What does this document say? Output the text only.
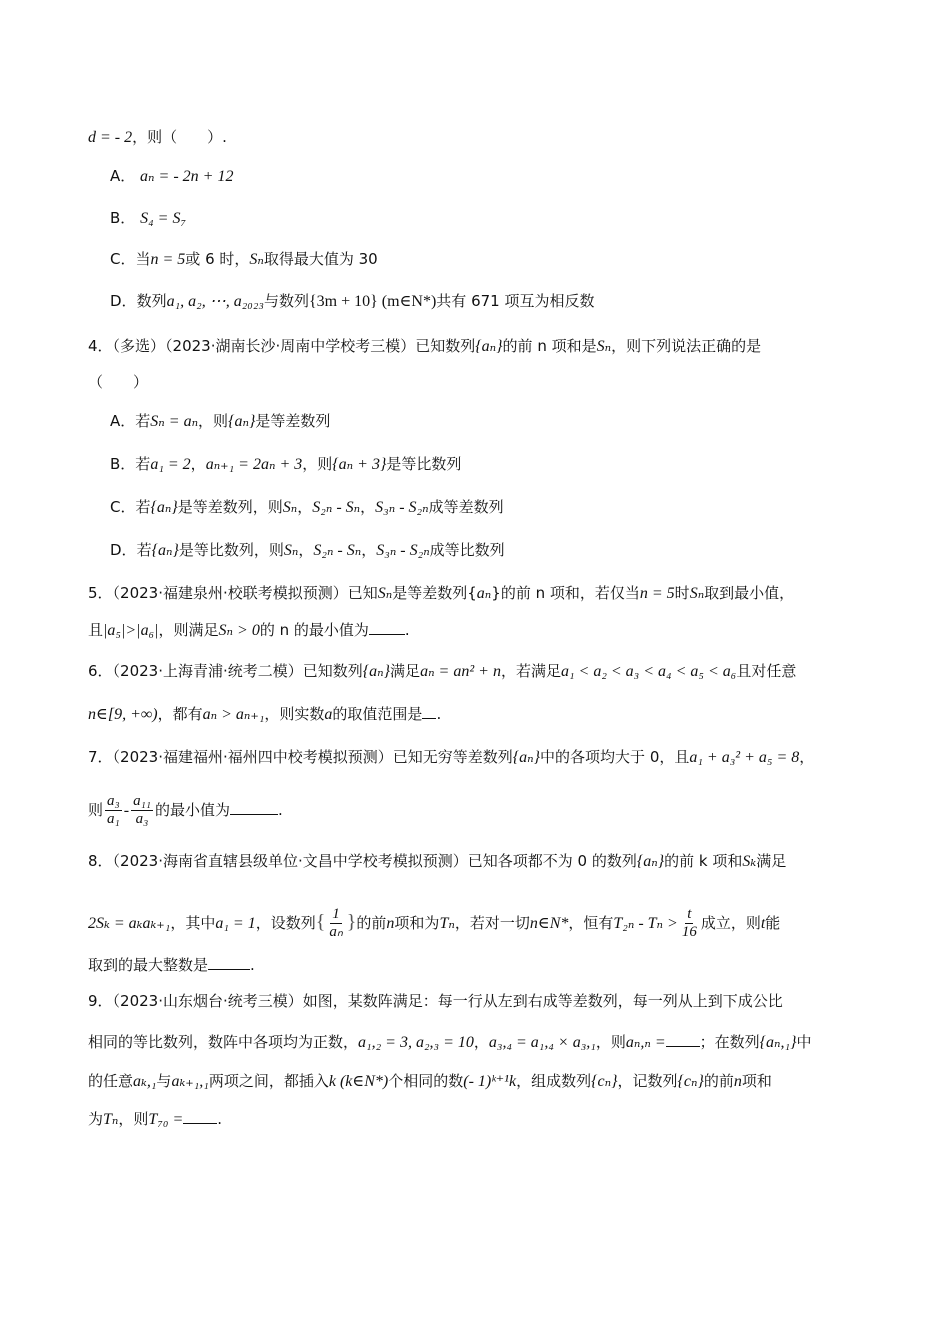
d = - 2，则（　　）.
A． aₙ = - 2n + 12
B． S₄ = S₇
C．当n = 5或 6 时，Sₙ取得最大值为 30
D．数列a₁, a₂, ⋯, a₂₀₂₃与数列{3m + 10} (m∈N*)共有 671 项互为相反数
4．（多选）（2023·湖南长沙·周南中学校考三模）已知数列{aₙ}的前 n 项和是Sₙ，则下列说法正确的是
（　　）
A．若Sₙ = aₙ，则{aₙ}是等差数列
B．若a₁ = 2，aₙ₊₁ = 2aₙ + 3，则{aₙ + 3}是等比数列
C．若{aₙ}是等差数列，则Sₙ，S₂ₙ - Sₙ，S₃ₙ - S₂ₙ成等差数列
D．若{aₙ}是等比数列，则Sₙ，S₂ₙ - Sₙ，S₃ₙ - S₂ₙ成等比数列
5．（2023·福建泉州·校联考模拟预测）已知Sₙ是等差数列{aₙ}的前 n 项和，若仅当n = 5时Sₙ取到最小值，
且|a₅|>|a₆|，则满足Sₙ > 0的 n 的最小值为 .
6．（2023·上海青浦·统考二模）已知数列{aₙ}满足aₙ = an² + n，若满足a₁ < a₂ < a₃ < a₄ < a₅ < a₆且对任意
n∈[9, +∞)，都有aₙ > aₙ₊₁，则实数a的取值范围是 .
7．（2023·福建福州·福州四中校考模拟预测）已知无穷等差数列{aₙ}中的各项均大于 0，且a₁ + a₃² + a₅ = 8，
则 $\frac{\text{a₃}}{\text{a₁}} - \frac{\text{a₁₁}}{\text{a₃}}$ 的最小值为	.
8．（2023·海南省直辖县级单位·文昌中学校考模拟预测）已知各项都不为 0 的数列{aₙ}的前 k 项和Sₖ满足
2Sₖ = aₖaₖ₊₁，其中a₁ = 1，设数列{ $\frac{1}{\text{aₙ}}$ }的前n项和为Tₙ，若对一切n∈N*，恒有$T_{2n} - T_n > \frac{t}{16}$ 成立，则t能
取到的最大整数是	.
9．（2023·山东烟台·统考三模）如图，某数阵满足：每一行从左到右成等差数列，每一列从上到下成公比
相同的等比数列，数阵中各项均为正数，a₁,₂ = 3, a₂,₃ = 10，a₃,₄ = a₁,₄ × a₃,₁，则aₙ,ₙ = ；在数列{aₙ,₁}中
的任意aₖ,₁与aₖ₊₁,₁两项之间，都插入k (k∈N*)个相同的数(- 1)ᵏ⁺¹k，组成数列{cₙ}，记数列{cₙ}的前n项和
为Tₙ，则T₇₀ = .
